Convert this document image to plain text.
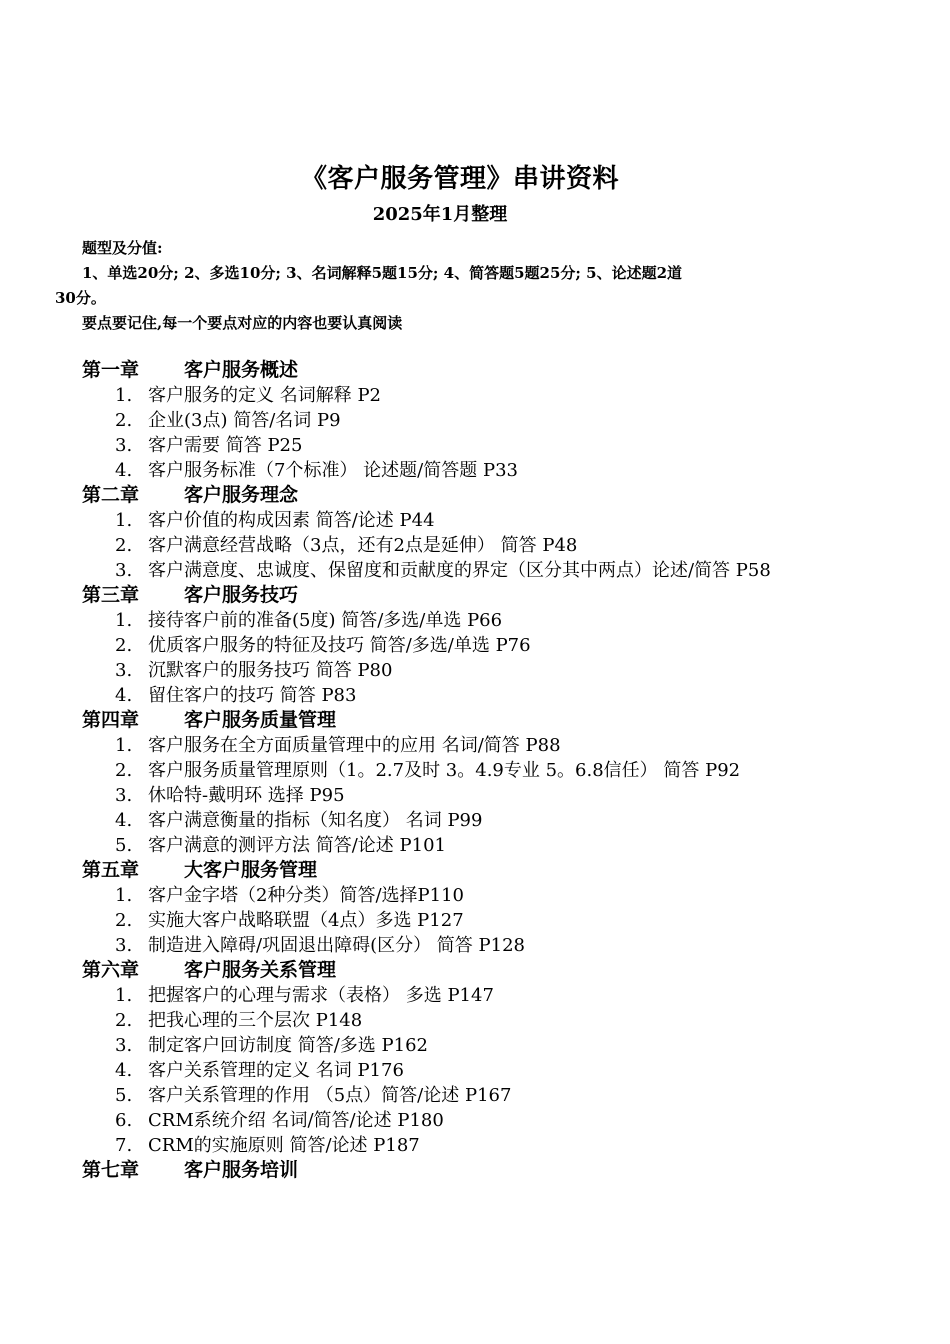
《客户服务管理》串讲资料
2025年1月整理
题型及分值:
1、单选20分; 2、多选10分; 3、名词解释5题15分; 4、简答题5题25分; 5、论述题2道
30分。
要点要记住,每一个要点对应的内容也要认真阅读
第一章 客户服务概述
1. 客户服务的定义 名词解释 P2
2. 企业(3点) 简答/名词 P9
3. 客户需要 简答 P25
4. 客户服务标准（7个标准） 论述题/简答题 P33
第二章 客户服务理念
1. 客户价值的构成因素 简答/论述 P44
2. 客户满意经营战略（3点，还有2点是延伸） 简答 P48
3. 客户满意度、忠诚度、保留度和贡献度的界定（区分其中两点）论述/简答 P58
第三章 客户服务技巧
1. 接待客户前的准备(5度) 简答/多选/单选 P66
2. 优质客户服务的特征及技巧 简答/多选/单选 P76
3. 沉默客户的服务技巧 简答 P80
4. 留住客户的技巧 简答 P83
第四章 客户服务质量管理
1. 客户服务在全方面质量管理中的应用 名词/简答 P88
2. 客户服务质量管理原则（1。2.7及时 3。4.9专业 5。6.8信任） 简答 P92
3. 休哈特-戴明环 选择 P95
4. 客户满意衡量的指标（知名度） 名词 P99
5. 客户满意的测评方法 简答/论述 P101
第五章 大客户服务管理
1. 客户金字塔（2种分类）简答/选择P110
2. 实施大客户战略联盟（4点）多选 P127
3. 制造进入障碍/巩固退出障碍(区分） 简答 P128
第六章 客户服务关系管理
1. 把握客户的心理与需求（表格） 多选 P147
2. 把我心理的三个层次 P148
3. 制定客户回访制度 简答/多选 P162
4. 客户关系管理的定义 名词 P176
5. 客户关系管理的作用 （5点）简答/论述 P167
6. CRM系统介绍 名词/简答/论述 P180
7. CRM的实施原则 简答/论述 P187
第七章 客户服务培训
